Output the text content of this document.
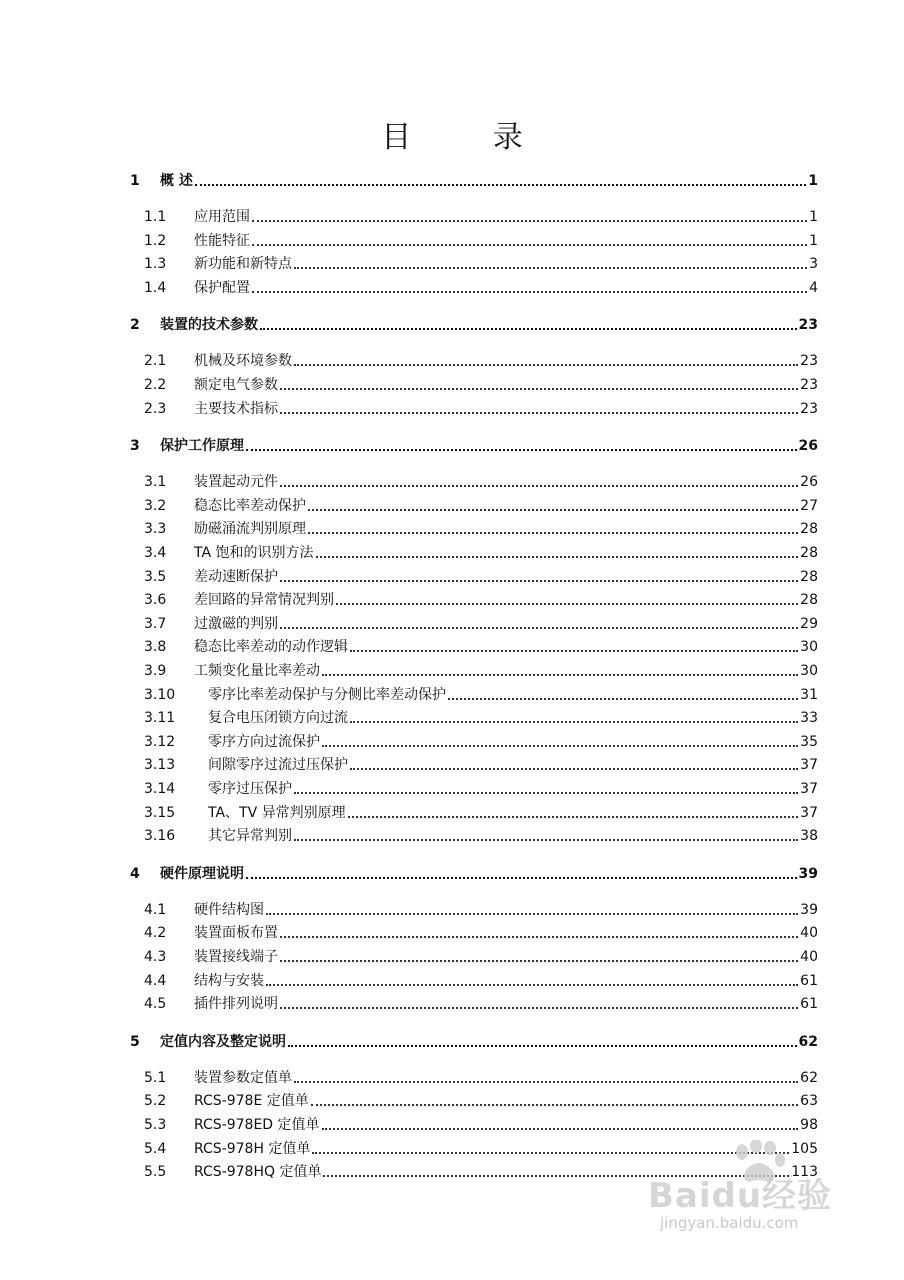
目 录
1	概 述	1
1.1	应用范围	1
1.2	性能特征	1
1.3	新功能和新特点	3
1.4	保护配置	4
2	装置的技术参数	23
2.1	机械及环境参数	23
2.2	额定电气参数	23
2.3	主要技术指标	23
3	保护工作原理	26
3.1	装置起动元件	26
3.2	稳态比率差动保护	27
3.3	励磁涌流判别原理	28
3.4	TA 饱和的识别方法	28
3.5	差动速断保护	28
3.6	差回路的异常情况判别	28
3.7	过激磁的判别	29
3.8	稳态比率差动的动作逻辑	30
3.9	工频变化量比率差动	30
3.10	零序比率差动保护与分侧比率差动保护	31
3.11	复合电压闭锁方向过流	33
3.12	零序方向过流保护	35
3.13	间隙零序过流过压保护	37
3.14	零序过压保护	37
3.15	TA、TV 异常判别原理	37
3.16	其它异常判别	38
4	硬件原理说明	39
4.1	硬件结构图	39
4.2	装置面板布置	40
4.3	装置接线端子	40
4.4	结构与安装	61
4.5	插件排列说明	61
5	定值内容及整定说明	62
5.1	装置参数定值单	62
5.2	RCS-978E 定值单	63
5.3	RCS-978ED 定值单	98
5.4	RCS-978H 定值单	105
5.5	RCS-978HQ 定值单	113
Baidu经验
jingyan.baidu.com
